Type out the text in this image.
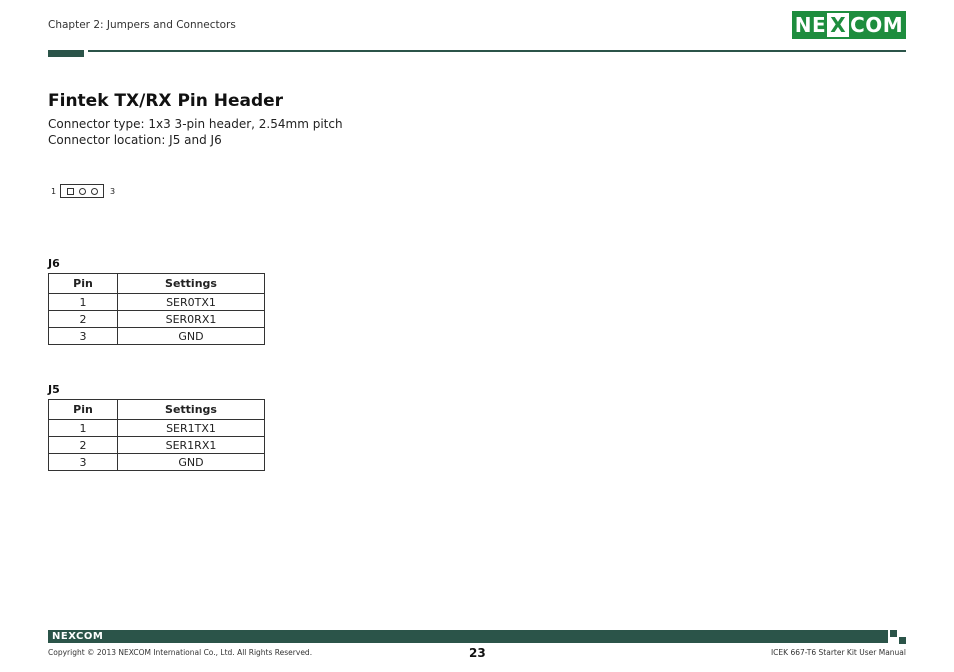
Chapter 2: Jumpers and Connectors	NE X COM
Fintek TX/RX Pin Header
Connector type: 1x3 3-pin header, 2.54mm pitch
Connector location: J5 and J6
1	3
J6
Pin	Settings
1	SER0TX1
2	SER0RX1
3	GND
J5
Pin	Settings
1	SER1TX1
2	SER1RX1
3	GND
NEXCOM
Copyright © 2013 NEXCOM International Co., Ltd. All Rights Reserved.	23	ICEK 667-T6 Starter Kit User Manual
